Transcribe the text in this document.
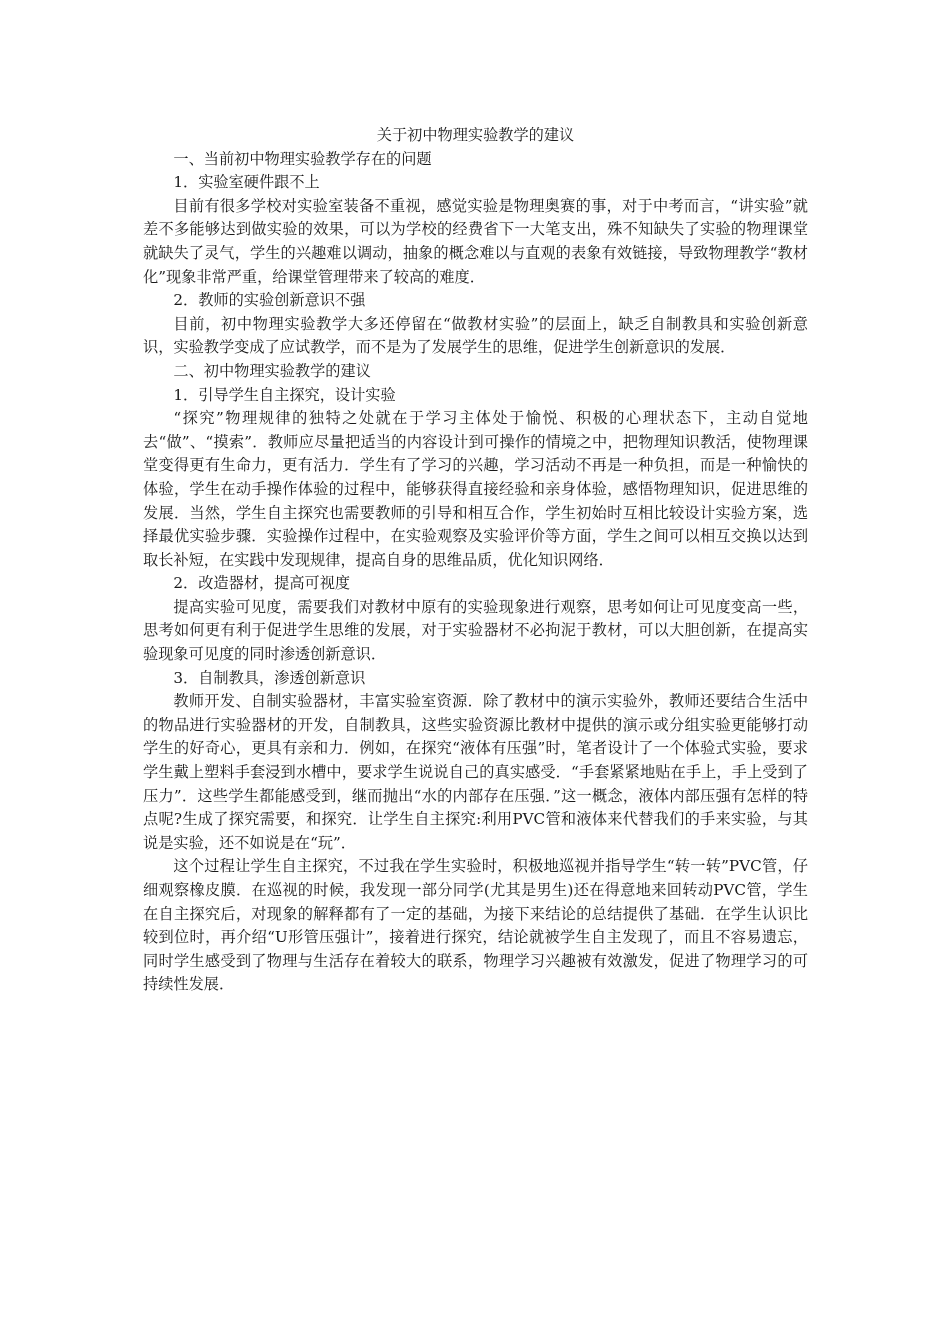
关于初中物理实验教学的建议

一、当前初中物理实验教学存在的问题

1．实验室硬件跟不上

目前有很多学校对实验室装备不重视，感觉实验是物理奥赛的事，对于中考而言，“讲实验”就差不多能够达到做实验的效果，可以为学校的经费省下一大笔支出，殊不知缺失了实验的物理课堂就缺失了灵气，学生的兴趣难以调动，抽象的概念难以与直观的表象有效链接，导致物理教学“教材化”现象非常严重，给课堂管理带来了较高的难度．

2．教师的实验创新意识不强

目前，初中物理实验教学大多还停留在“做教材实验”的层面上，缺乏自制教具和实验创新意识，实验教学变成了应试教学，而不是为了发展学生的思维，促进学生创新意识的发展．

二、初中物理实验教学的建议

1．引导学生自主探究，设计实验

“探究”物理规律的独特之处就在于学习主体处于愉悦、积极的心理状态下，主动自觉地去“做”、“摸索”．教师应尽量把适当的内容设计到可操作的情境之中，把物理知识教活，使物理课堂变得更有生命力，更有活力．学生有了学习的兴趣，学习活动不再是一种负担，而是一种愉快的体验，学生在动手操作体验的过程中，能够获得直接经验和亲身体验，感悟物理知识，促进思维的发展．当然，学生自主探究也需要教师的引导和相互合作，学生初始时互相比较设计实验方案，选择最优实验步骤．实验操作过程中，在实验观察及实验评价等方面，学生之间可以相互交换以达到取长补短，在实践中发现规律，提高自身的思维品质，优化知识网络．

2．改造器材，提高可视度

提高实验可见度，需要我们对教材中原有的实验现象进行观察，思考如何让可见度变高一些，思考如何更有利于促进学生思维的发展，对于实验器材不必拘泥于教材，可以大胆创新，在提高实验现象可见度的同时渗透创新意识．

3．自制教具，渗透创新意识

教师开发、自制实验器材，丰富实验室资源．除了教材中的演示实验外，教师还要结合生活中的物品进行实验器材的开发，自制教具，这些实验资源比教材中提供的演示或分组实验更能够打动学生的好奇心，更具有亲和力．例如，在探究“液体有压强”时，笔者设计了一个体验式实验，要求学生戴上塑料手套浸到水槽中，要求学生说说自己的真实感受．“手套紧紧地贴在手上，手上受到了压力”．这些学生都能感受到，继而抛出“水的内部存在压强．”这一概念，液体内部压强有怎样的特点呢?生成了探究需要，和探究．让学生自主探究:利用PVC管和液体来代替我们的手来实验，与其说是实验，还不如说是在“玩”．

这个过程让学生自主探究，不过我在学生实验时，积极地巡视并指导学生“转一转”PVC管，仔细观察橡皮膜．在巡视的时候，我发现一部分同学(尤其是男生)还在得意地来回转动PVC管，学生在自主探究后，对现象的解释都有了一定的基础，为接下来结论的总结提供了基础．在学生认识比较到位时，再介绍“U形管压强计”，接着进行探究，结论就被学生自主发现了，而且不容易遗忘，同时学生感受到了物理与生活存在着较大的联系，物理学习兴趣被有效激发，促进了物理学习的可持续性发展．
